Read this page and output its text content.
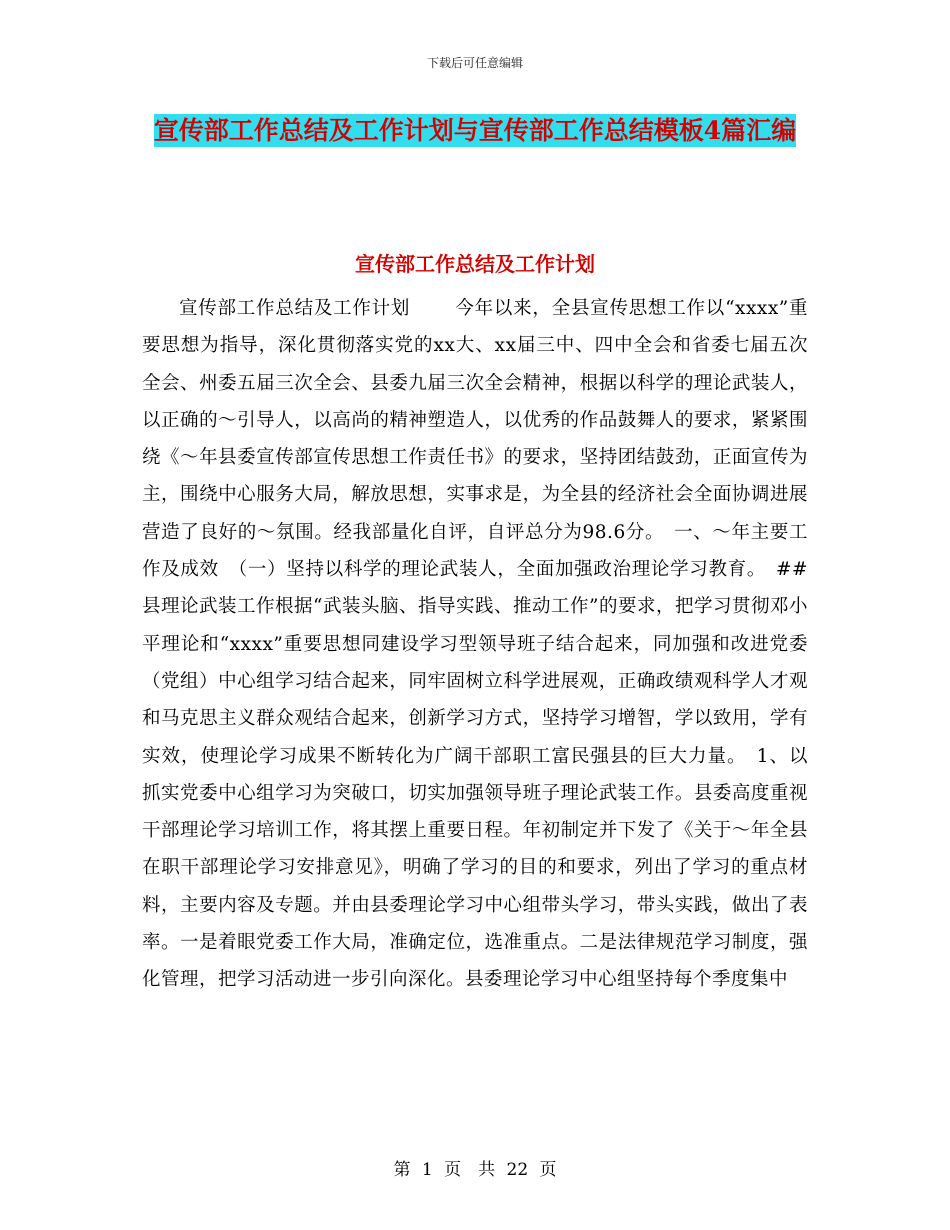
下载后可任意编辑
宣传部工作总结及工作计划与宣传部工作总结模板4篇汇编
宣传部工作总结及工作计划

宣传部工作总结及工作计划　　 今年以来，全县宣传思想工作以“xxxx”重要思想为指导，深化贯彻落实党的xx大、xx届三中、四中全会和省委七届五次全会、州委五届三次全会、县委九届三次全会精神，根据以科学的理论武装人，以正确的～引导人，以高尚的精神塑造人，以优秀的作品鼓舞人的要求，紧紧围绕《～年县委宣传部宣传思想工作责任书》的要求，坚持团结鼓劲，正面宣传为主，围绕中心服务大局，解放思想，实事求是，为全县的经济社会全面协调进展营造了良好的～氛围。经我部量化自评，自评总分为98.6分。　一、～年主要工作及成效　（一）坚持以科学的理论武装人，全面加强政治理论学习教育。　##县理论武装工作根据“武装头脑、指导实践、推动工作”的要求，把学习贯彻邓小平理论和“xxxx”重要思想同建设学习型领导班子结合起来，同加强和改进党委（党组）中心组学习结合起来，同牢固树立科学进展观，正确政绩观科学人才观和马克思主义群众观结合起来，创新学习方式，坚持学习增智，学以致用，学有实效，使理论学习成果不断转化为广阔干部职工富民强县的巨大力量。　1、以抓实党委中心组学习为突破口，切实加强领导班子理论武装工作。县委高度重视干部理论学习培训工作，将其摆上重要日程。年初制定并下发了《关于～年全县在职干部理论学习安排意见》，明确了学习的目的和要求，列出了学习的重点材料，主要内容及专题。并由县委理论学习中心组带头学习，带头实践，做出了表率。一是着眼党委工作大局，准确定位，选准重点。二是法律规范学习制度，强化管理，把学习活动进一步引向深化。县委理论学习中心组坚持每个季度集中

第 1 页　共 22 页
